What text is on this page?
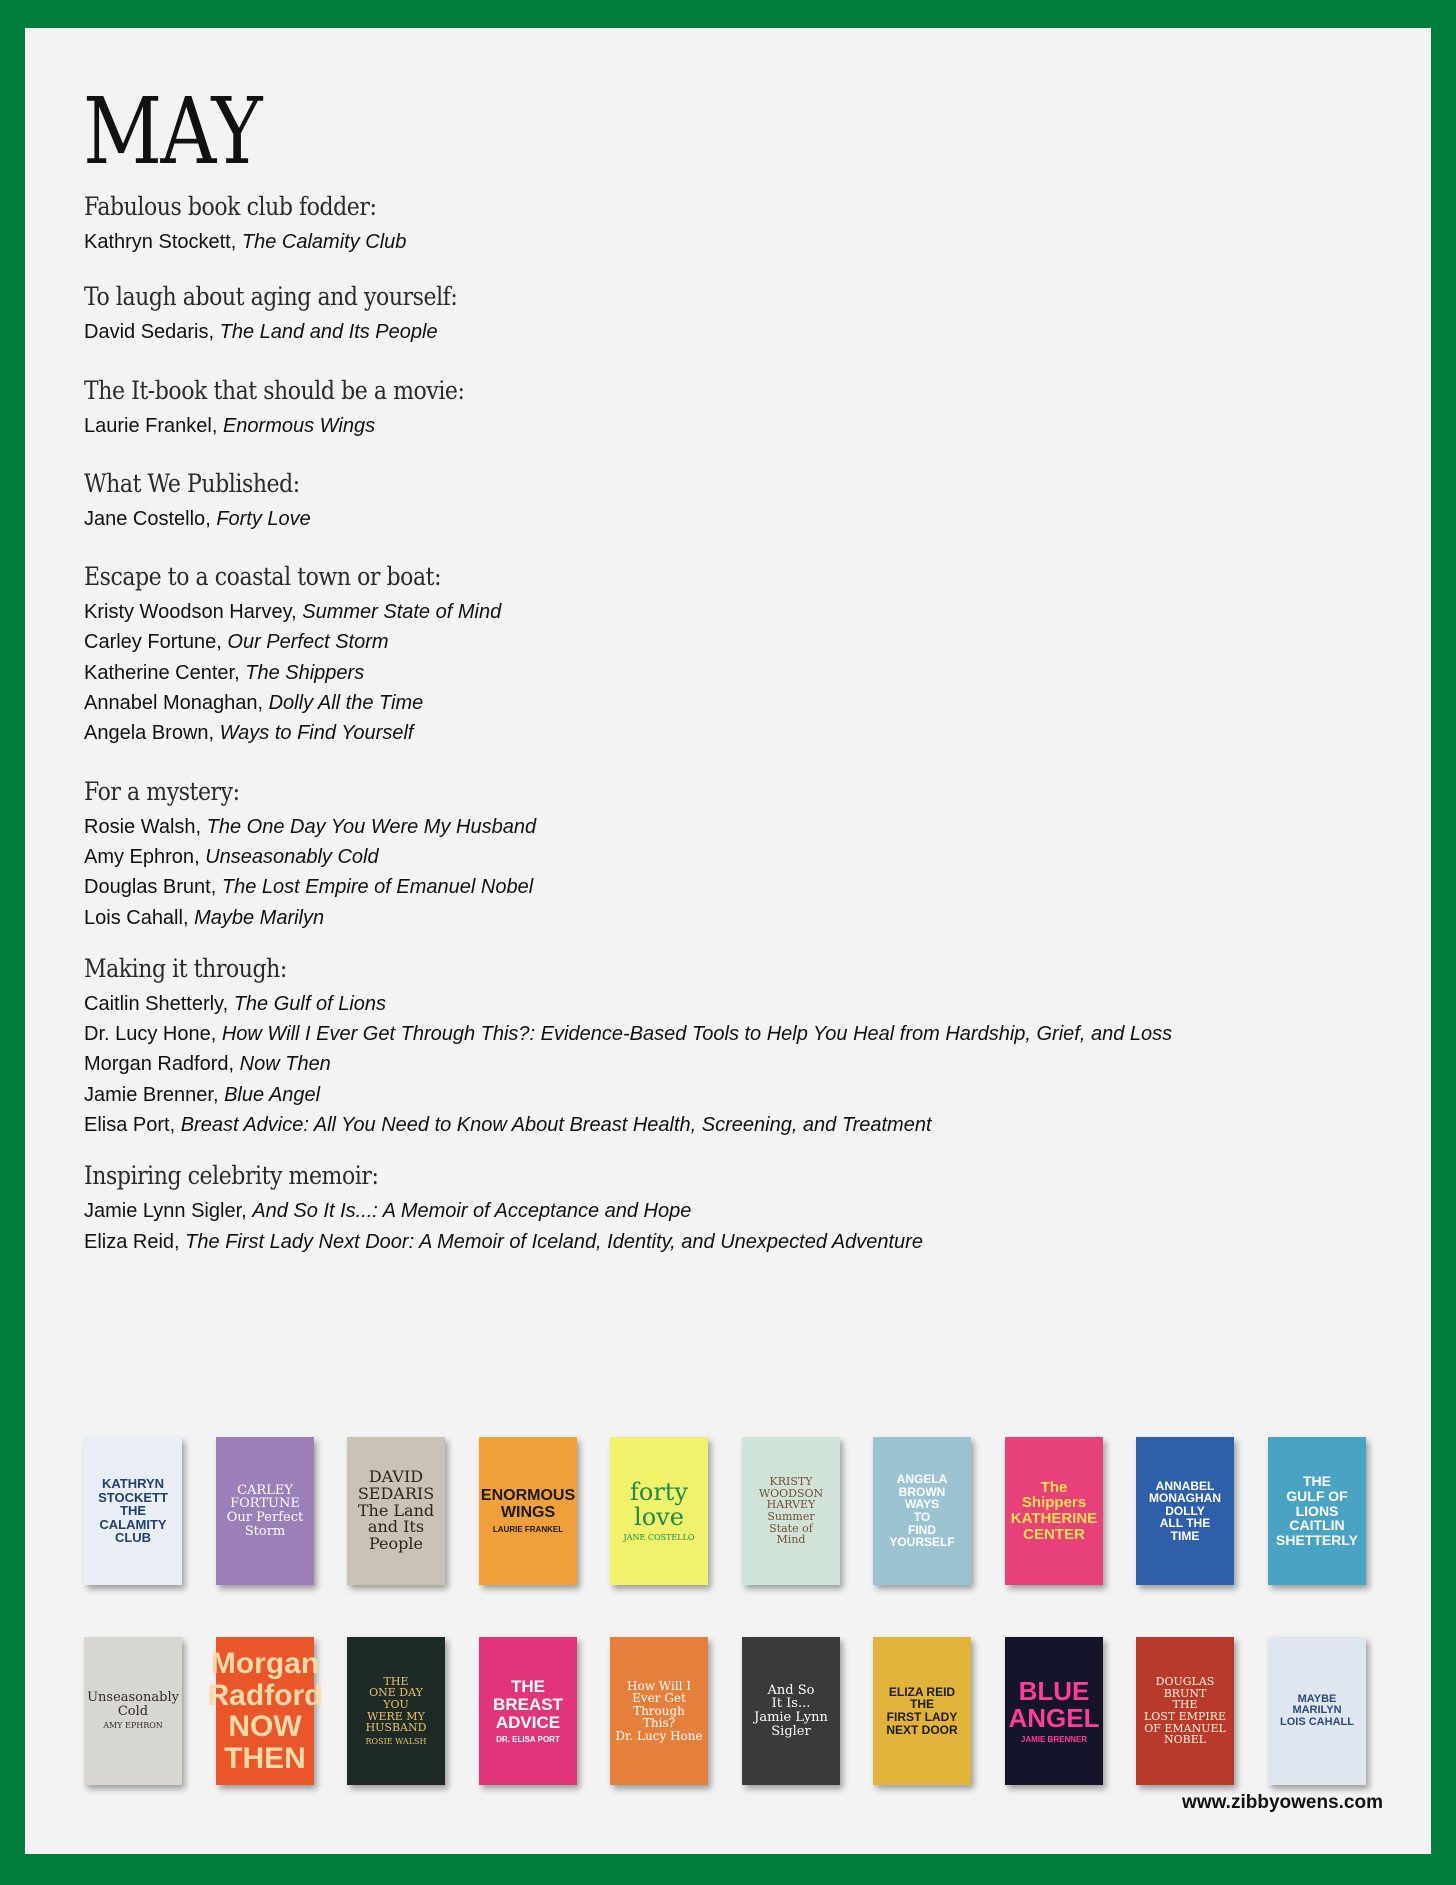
MAY
Fabulous book club fodder:
Kathryn Stockett, The Calamity Club
To laugh about aging and yourself:
David Sedaris, The Land and Its People
The It-book that should be a movie:
Laurie Frankel, Enormous Wings
What We Published:
Jane Costello, Forty Love
Escape to a coastal town or boat:
Kristy Woodson Harvey, Summer State of Mind
Carley Fortune, Our Perfect Storm
Katherine Center, The Shippers
Annabel Monaghan, Dolly All the Time
Angela Brown, Ways to Find Yourself
For a mystery:
Rosie Walsh, The One Day You Were My Husband
Amy Ephron, Unseasonably Cold
Douglas Brunt, The Lost Empire of Emanuel Nobel
Lois Cahall, Maybe Marilyn
Making it through:
Caitlin Shetterly, The Gulf of Lions
Dr. Lucy Hone, How Will I Ever Get Through This?: Evidence-Based Tools to Help You Heal from Hardship, Grief, and Loss
Morgan Radford, Now Then
Jamie Brenner, Blue Angel
Elisa Port, Breast Advice: All You Need to Know About Breast Health, Screening, and Treatment
Inspiring celebrity memoir:
Jamie Lynn Sigler, And So It Is...: A Memoir of Acceptance and Hope
Eliza Reid, The First Lady Next Door: A Memoir of Iceland, Identity, and Unexpected Adventure
KATHRYN
STOCKETT
THE
CALAMITY
CLUB
CARLEY
FORTUNE
Our Perfect
Storm
DAVID
SEDARIS
The Land and Its People
ENORMOUS
WINGS
LAURIE FRANKEL
forty
love
JANE COSTELLO
KRISTY
WOODSON
HARVEY
Summer
State of
Mind
ANGELA BROWN
WAYS
TO
FIND
YOURSELF
The
Shippers
KATHERINE
CENTER
ANNABEL
MONAGHAN
DOLLY
ALL THE
TIME
THE
GULF OF
LIONS
CAITLIN
SHETTERLY
Unseasonably
Cold
AMY EPHRON
Morgan Radford
NOW
THEN
THE
ONE DAY
YOU
WERE MY
HUSBAND
ROSIE WALSH
THE
BREAST
ADVICE
DR. ELISA PORT
How Will I
Ever Get
Through
This?
Dr. Lucy Hone
And So
It Is...
Jamie Lynn
Sigler
ELIZA REID
THE
FIRST LADY
NEXT DOOR
BLUE
ANGEL
JAMIE BRENNER
DOUGLAS BRUNT
THE
LOST EMPIRE
OF EMANUEL
NOBEL
MAYBE MARILYN
LOIS CAHALL
www.zibbyowens.com
